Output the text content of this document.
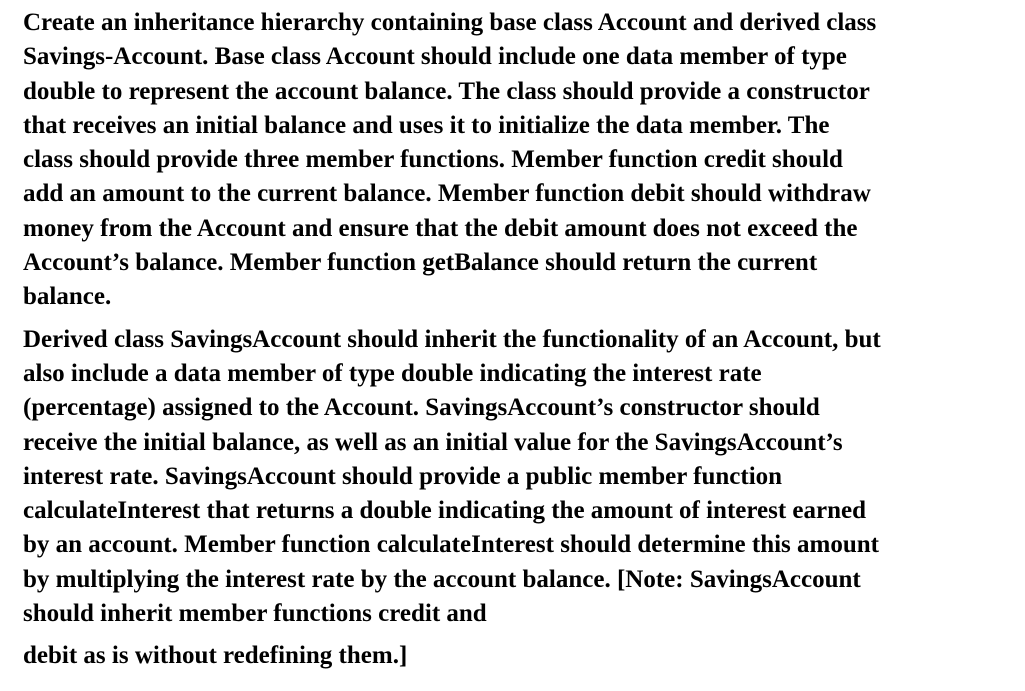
Create an inheritance hierarchy containing base class Account and derived class
Savings-Account. Base class Account should include one data member of type
double to represent the account balance. The class should provide a constructor
that receives an initial balance and uses it to initialize the data member. The
class should provide three member functions. Member function credit should
add an amount to the current balance. Member function debit should withdraw
money from the Account and ensure that the debit amount does not exceed the
Account’s balance. Member function getBalance should return the current
balance.
Derived class SavingsAccount should inherit the functionality of an Account, but
also include a data member of type double indicating the interest rate
(percentage) assigned to the Account. SavingsAccount’s constructor should
receive the initial balance, as well as an initial value for the SavingsAccount’s
interest rate. SavingsAccount should provide a public member function
calculateInterest that returns a double indicating the amount of interest earned
by an account. Member function calculateInterest should determine this amount
by multiplying the interest rate by the account balance. [Note: SavingsAccount
should inherit member functions credit and
debit as is without redefining them.]
